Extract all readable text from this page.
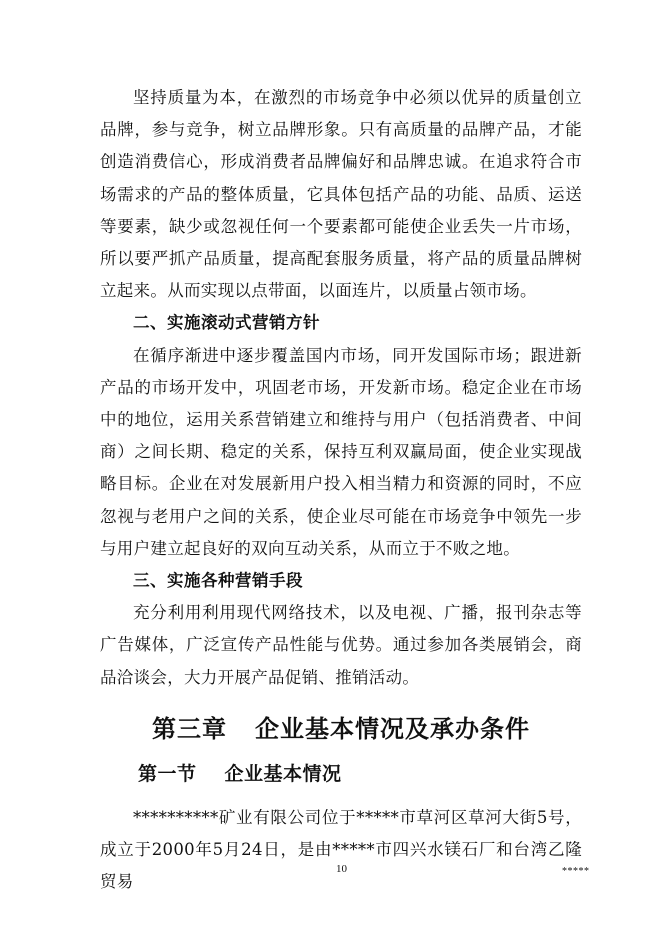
坚持质量为本，在激烈的市场竞争中必须以优异的质量创立品牌，参与竞争，树立品牌形象。只有高质量的品牌产品，才能创造消费信心，形成消费者品牌偏好和品牌忠诚。在追求符合市场需求的产品的整体质量，它具体包括产品的功能、品质、运送等要素，缺少或忽视任何一个要素都可能使企业丢失一片市场，所以要严抓产品质量，提高配套服务质量，将产品的质量品牌树立起来。从而实现以点带面，以面连片，以质量占领市场。

二、实施滚动式营销方针

在循序渐进中逐步覆盖国内市场，同开发国际市场；跟进新产品的市场开发中，巩固老市场，开发新市场。稳定企业在市场中的地位，运用关系营销建立和维持与用户（包括消费者、中间商）之间长期、稳定的关系，保持互利双赢局面，使企业实现战略目标。企业在对发展新用户投入相当精力和资源的同时，不应忽视与老用户之间的关系，使企业尽可能在市场竞争中领先一步与用户建立起良好的双向互动关系，从而立于不败之地。

三、实施各种营销手段

充分利用利用现代网络技术，以及电视、广播，报刊杂志等广告媒体，广泛宣传产品性能与优势。通过参加各类展销会，商品洽谈会，大力开展产品促销、推销活动。

第三章 企业基本情况及承办条件
第一节 企业基本情况

**********矿业有限公司位于*****市草河区草河大街5号，成立于2000年5月24日，是由*****市四兴水镁石厂和台湾乙隆贸易

10	*****
